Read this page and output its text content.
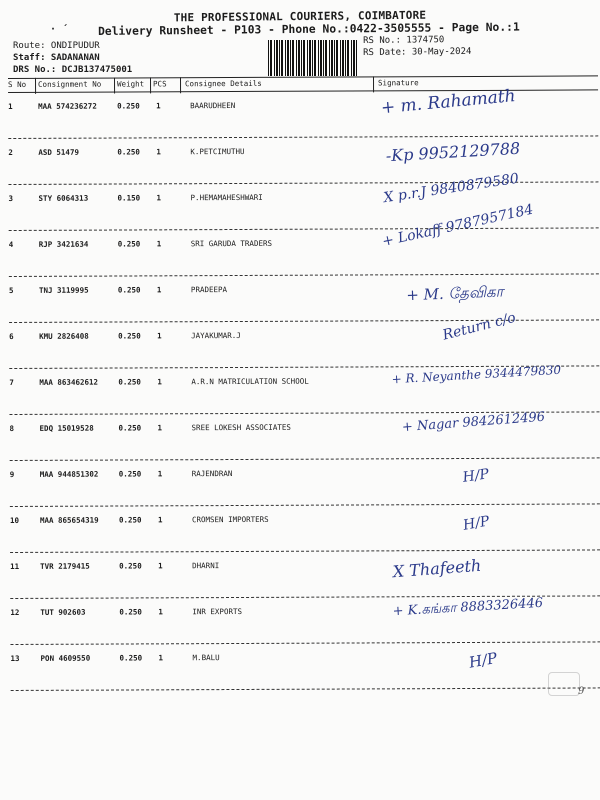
· ´
THE PROFESSIONAL COURIERS, COIMBATORE
Delivery Runsheet - P103 - Phone No.:0422-3505555 - Page No.:1
Route: ONDIPUDUR
Staff: SADANANAN
DRS No.: DCJB137475001
RS No.: 1374750
RS Date: 30-May-2024
S No Consignment No Weight PCS Consignee Details	Signature
1	MAA 574236272	0.250 1	BAARUDHEEN	+ m. Rahamath
2	ASD 51479	0.250 1	K.PETCIMUTHU	-Kp 9952129788
3	STY 6064313	0.150 1	P.HEMAMAHESHWARI	X p.r.J 9840879580
4	RJP 3421634	0.250 1	SRI GARUDA TRADERS	+ Lokaff 9787957184
5	TNJ 3119995	0.250 1	PRADEEPA	+ M. தேவிகா
6	KMU 2826408	0.250 1	JAYAKUMAR.J	Return c/o
7	MAA 863462612	0.250 1	A.R.N MATRICULATION SCHOOL	+ R. Neyanthe 9344479830
8	EDQ 15019528	0.250 1	SREE LOKESH ASSOCIATES	+ Nagar 9842612496
9	MAA 944851302	0.250 1	RAJENDRAN	H/P
10	MAA 865654319	0.250 1	CROMSEN IMPORTERS	H/P
11	TVR 2179415	0.250 1	DHARNI	X Thafeeth
12	TUT 902603	0.250 1	INR EXPORTS	+ K.கங்கா 8883326446
13	PON 4609550	0.250 1	M.BALU	H/P
9
